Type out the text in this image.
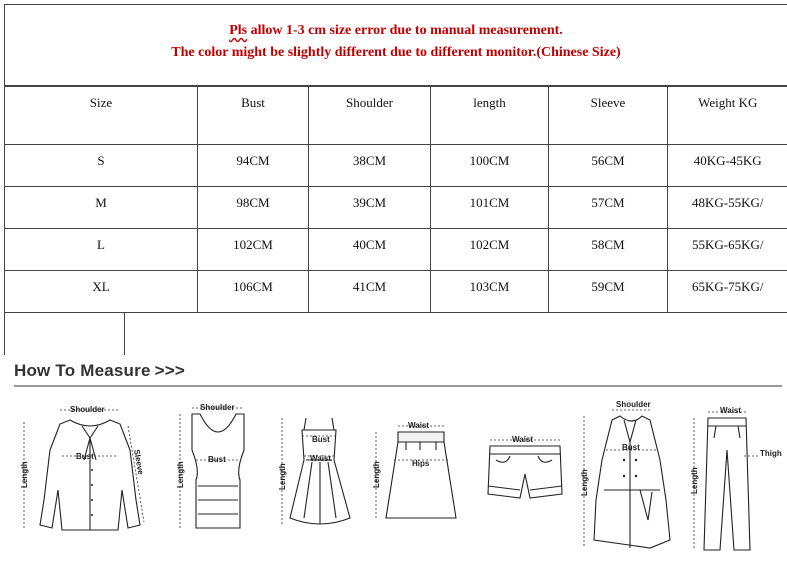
Pls allow 1-3 cm size error due to manual measurement.
The color might be slightly different due to different monitor.(Chinese Size)
Size	Bust	Shoulder	length	Sleeve	Weight KG
S	94CM	38CM	100CM	56CM	40KG-45KG
M	98CM	39CM	101CM	57CM	48KG-55KG/
L	102CM	40CM	102CM	58CM	55KG-65KG/
XL	106CM	41CM	103CM	59CM	65KG-75KG/
How To Measure >>>
Shoulder
Bust
Length	Sleeve
Shoulder
Bust
Length
Bust
Waist
Length
Waist
Hips
Length
Waist
Shoulder
Bust
Length
Waist
Thigh
Length
